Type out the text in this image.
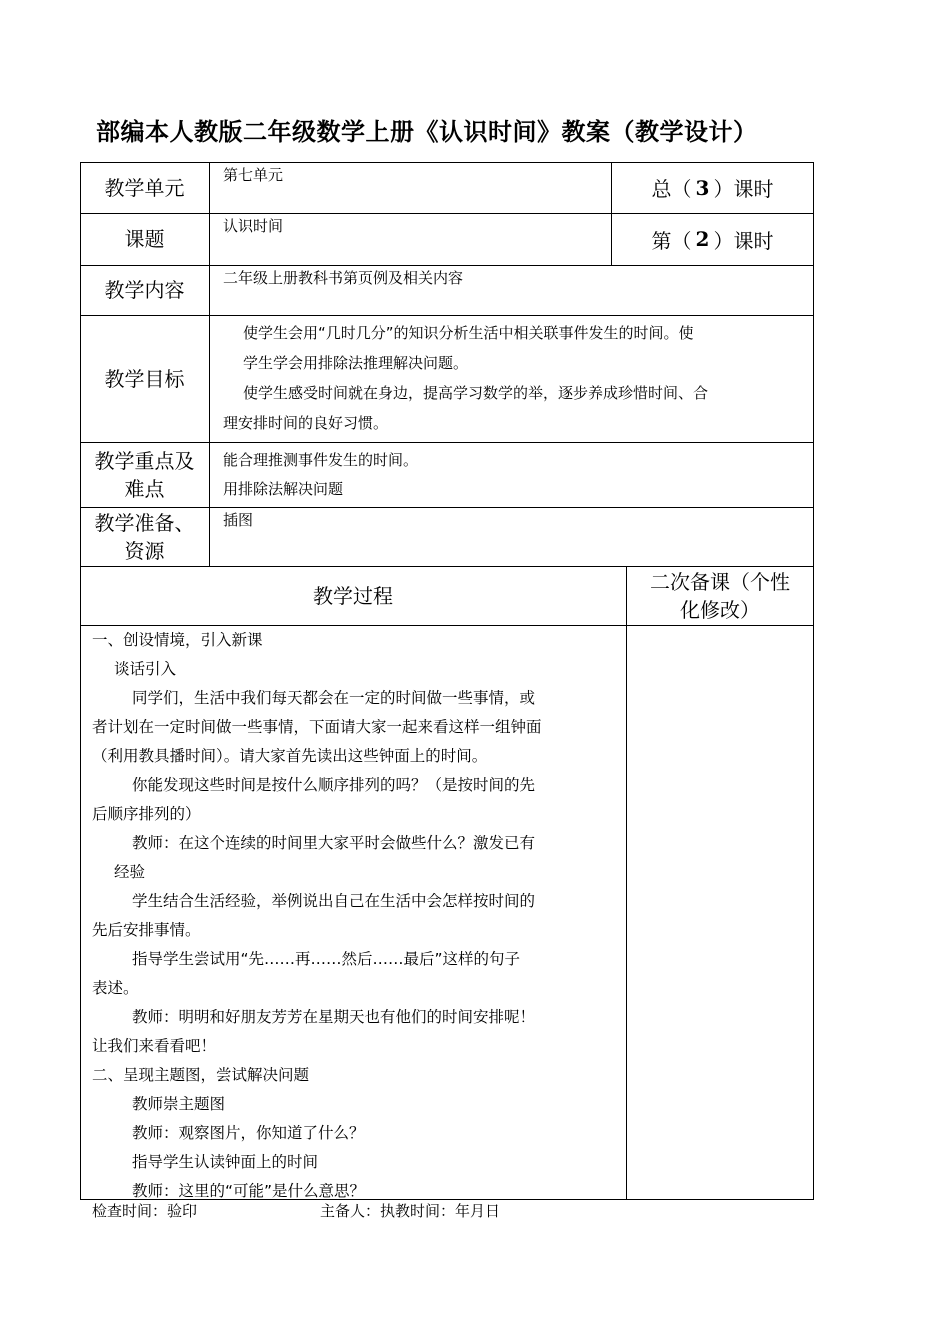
部编本人教版二年级数学上册《认识时间》教案（教学设计）
教学单元
第七单元
总（ 3 ）课时
课题
认识时间
第（ 2 ）课时
教学内容	二年级上册教科书第页例及相关内容
教学目标

使学生会用“几时几分”的知识分析生活中相关联事件发生的时间。使

学生学会用排除法推理解决问题。

使学生感受时间就在身边，提高学习数学的举，逐步养成珍惜时间、合

理安排时间的良好习惯。

教学重点及
难点
能合理推测事件发生的时间。
用排除法解决问题
教学准备、
资源
插图
教学过程
二次备课（个性
化修改）

一、创设情境，引入新课

谈话引入

同学们，生活中我们每天都会在一定的时间做一些事情，或

者计划在一定时间做一些事情，下面请大家一起来看这样一组钟面

（利用教具播时间）。请大家首先读出这些钟面上的时间。

你能发现这些时间是按什么顺序排列的吗？（是按时间的先

后顺序排列的）

教师：在这个连续的时间里大家平时会做些什么？激发已有

经验

学生结合生活经验，举例说出自己在生活中会怎样按时间的

先后安排事情。

指导学生尝试用“先……再……然后……最后”这样的句子

表述。

教师：明明和好朋友芳芳在星期天也有他们的时间安排呢！

让我们来看看吧！

二、呈现主题图，尝试解决问题

教师崇主题图

教师：观察图片，你知道了什么？

指导学生认读钟面上的时间

教师：这里的“可能”是什么意思？

检查时间：验印	主备人：执教时间：年月日
